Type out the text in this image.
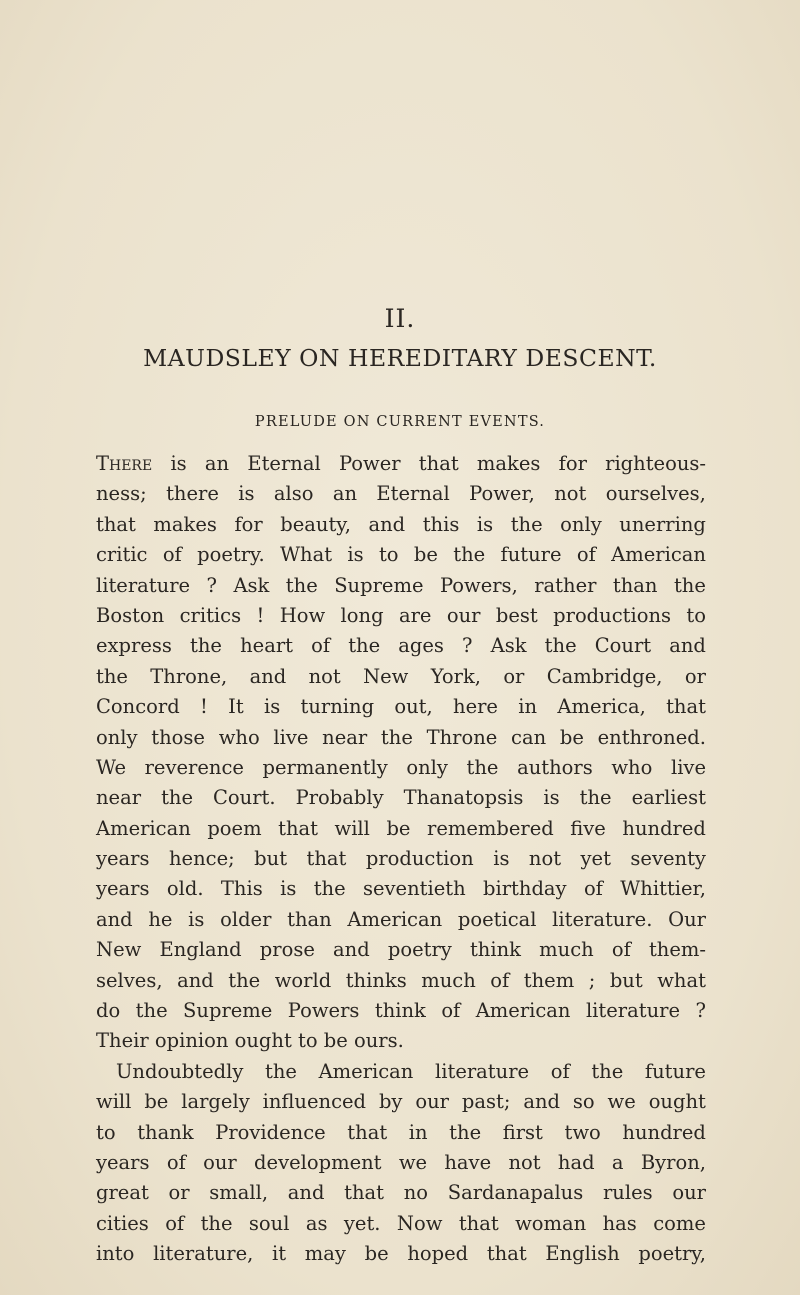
II.
MAUDSLEY ON HEREDITARY DESCENT.
PRELUDE ON CURRENT EVENTS.
There is an Eternal Power that makes for righteous-
ness; there is also an Eternal Power, not ourselves,
that makes for beauty, and this is the only unerring
critic of poetry. What is to be the future of American
literature ? Ask the Supreme Powers, rather than the
Boston critics ! How long are our best productions to
express the heart of the ages ? Ask the Court and
the Throne, and not New York, or Cambridge, or
Concord ! It is turning out, here in America, that
only those who live near the Throne can be enthroned.
We reverence permanently only the authors who live
near the Court. Probably Thanatopsis is the earliest
American poem that will be remembered five hundred
years hence; but that production is not yet seventy
years old. This is the seventieth birthday of Whittier,
and he is older than American poetical literature. Our
New England prose and poetry think much of them-
selves, and the world thinks much of them ; but what
do the Supreme Powers think of American literature ?
Their opinion ought to be ours.
Undoubtedly the American literature of the future
will be largely influenced by our past; and so we ought
to thank Providence that in the first two hundred
years of our development we have not had a Byron,
great or small, and that no Sardanapalus rules our
cities of the soul as yet. Now that woman has come
into literature, it may be hoped that English poetry,
